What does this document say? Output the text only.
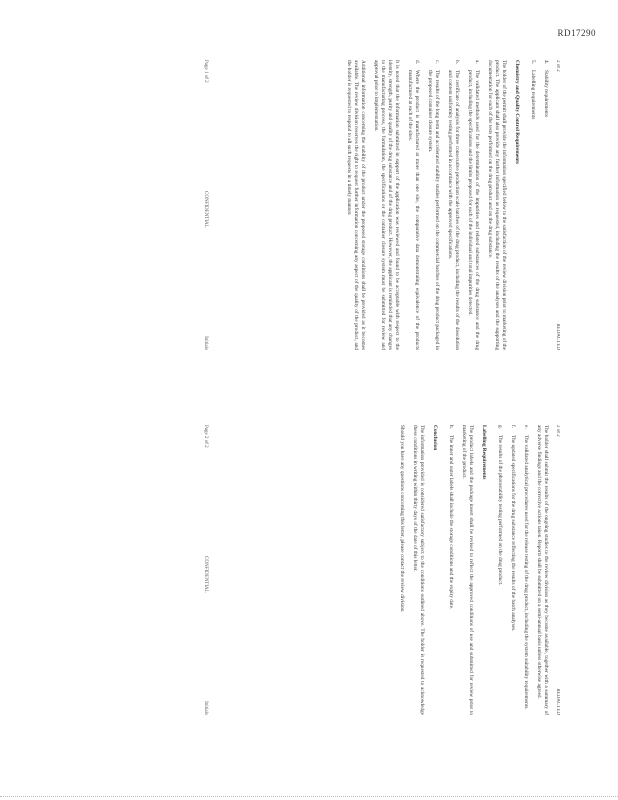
RD17290
2 of 2
REDACTED
4.
Stability requirements
5.
Labelling requirements
Chemistry and Quality Control Requirements
The holder of the permit shall provide the information specified below to the satisfaction of the review division prior to marketing of the product. The applicant shall also provide any further information as requested, including the results of the analyses and the supporting documentation for each of the tests performed on the drug product and on the drug substance.
a.
The validated methods used for the determination of the impurities and related substances of the drug substance and the drug product, including the specifications and the limits proposed for each of the individual and total impurities detected.
b.
The certificate of analysis for three consecutive production scale batches of the drug product, including the results of the dissolution and content uniformity testing performed in accordance with the approved specifications.
c.
The results of the long term and accelerated stability studies performed on the commercial batches of the drug product packaged in the proposed container closure system.
d.
Where the product is manufactured at more than one site, the comparative data demonstrating equivalence of the products manufactured at each of the sites.
It is noted that the information submitted in support of the application was reviewed and found to be acceptable with respect to the identity, strength, purity and quality of the drug substance and of the drug product. However, the applicant is reminded that any changes to the manufacturing process, the formulation, the specifications or the container closure system must be submitted for review and approval prior to implementation.
Additional information concerning the stability of the product under the proposed storage conditions shall be provided as it becomes available. The review division reserves the right to request further information concerning any aspect of the quality of the product, and the holder is requested to respond to all such requests in a timely manner.
Page 1 of 2
CONFIDENTIAL
Initials
2 of 2
REDACTED
The holder shall submit the results of the ongoing studies to the review division as they become available, together with a summary of any adverse findings and the corrective actions taken. Reports shall be submitted on a semi-annual basis unless otherwise agreed.
e.
The validated analytical procedures used for the release testing of the drug product, including the system suitability requirements.
f.
The updated specifications for the drug substance reflecting the results of the batch analyses.
g.
The results of the photostability testing performed on the drug product.
Labelling Requirements
The product labels and the package insert shall be revised to reflect the approved conditions of use and submitted for review prior to marketing of the product.
h.
The inner and outer labels shall include the storage conditions and the expiry date.
Conclusion
The information provided is considered satisfactory subject to the conditions outlined above. The holder is requested to acknowledge these conditions in writing within thirty days of the date of this letter.
Should you have any questions concerning this letter, please contact the review division.
Page 2 of 2
CONFIDENTIAL
Initials
